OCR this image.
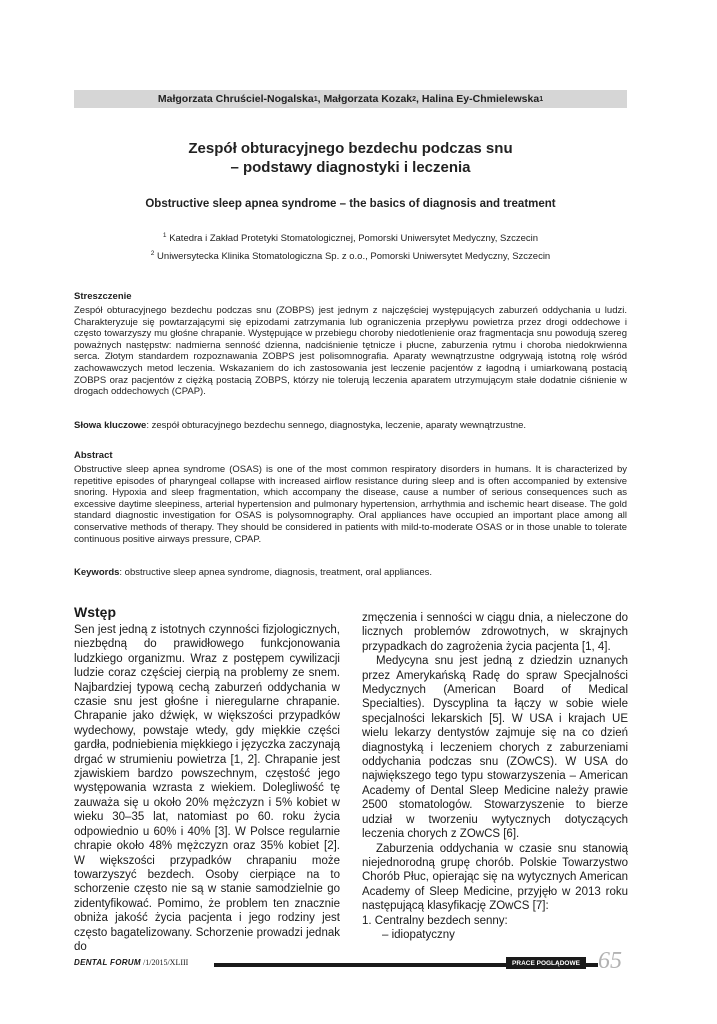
Małgorzata Chruściel-Nogalska 1 , Małgorzata Kozak 2 , Halina Ey-Chmielewska 1
Zespół obturacyjnego bezdechu podczas snu
– podstawy diagnostyki i leczenia
Obstructive sleep apnea syndrome – the basics of diagnosis and treatment
$^1$ Katedra i Zakład Protetyki Stomatologicznej, Pomorski Uniwersytet Medyczny, Szczecin
$^2$ Uniwersytecka Klinika Stomatologiczna Sp. z o.o., Pomorski Uniwersytet Medyczny, Szczecin
Streszczenie
Zespół obturacyjnego bezdechu podczas snu (ZOBPS) jest jednym z najczęściej występujących zaburzeń oddychania u ludzi. Charakteryzuje się powtarzającymi się epizodami zatrzymania lub ograniczenia przepływu powietrza przez drogi oddechowe i często towarzyszy mu głośne chrapanie. Występujące w przebiegu choroby niedotlenienie oraz fragmentacja snu powodują szereg poważnych następstw: nadmierna senność dzienna, nadciśnienie tętnicze i płucne, zaburzenia rytmu i choroba niedokrwienna serca. Złotym standardem rozpoznawania ZOBPS jest polisomnografia. Aparaty wewnątrzustne odgrywają istotną rolę wśród zachowawczych metod leczenia. Wskazaniem do ich zastosowania jest leczenie pacjentów z łagodną i umiarkowaną postacią ZOBPS oraz pacjentów z ciężką postacią ZOBPS, którzy nie tolerują leczenia aparatem utrzymującym stałe dodatnie ciśnienie w drogach oddechowych (CPAP).
Słowa kluczowe: zespół obturacyjnego bezdechu sennego, diagnostyka, leczenie, aparaty wewnątrzustne.
Abstract
Obstructive sleep apnea syndrome (OSAS) is one of the most common respiratory disorders in humans. It is characterized by repetitive episodes of pharyngeal collapse with increased airflow resistance during sleep and is often accompanied by extensive snoring. Hypoxia and sleep fragmentation, which accompany the disease, cause a number of serious consequences such as excessive daytime sleepiness, arterial hypertension and pulmonary hypertension, arrhythmia and ischemic heart disease. The gold standard diagnostic investigation for OSAS is polysomnography. Oral appliances have occupied an important place among all conservative methods of therapy. They should be considered in patients with mild-to-moderate OSAS or in those unable to tolerate continuous positive airways pressure, CPAP.
Keywords: obstructive sleep apnea syndrome, diagnosis, treatment, oral appliances.
Wstęp

Sen jest jedną z istotnych czynności fizjologicznych, niezbędną do prawidłowego funkcjonowania ludzkiego organizmu. Wraz z postępem cywilizacji ludzie coraz częściej cierpią na problemy ze snem. Najbardziej typową cechą zaburzeń oddychania w czasie snu jest głośne i nieregularne chrapanie. Chrapanie jako dźwięk, w większości przypadków wydechowy, powstaje wtedy, gdy miękkie części gardła, podniebienia miękkiego i języczka zaczynają drgać w strumieniu powietrza [1, 2]. Chrapanie jest zjawiskiem bardzo powszechnym, częstość jego występowania wzrasta z wiekiem. Dolegliwość tę zauważa się u około 20% mężczyzn i 5% kobiet w wieku 30–35 lat, natomiast po 60. roku życia odpowiednio u 60% i 40% [3]. W Polsce regularnie chrapie około 48% mężczyzn oraz 35% kobiet [2]. W większości przypadków chrapaniu może towarzyszyć bezdech. Osoby cierpiące na to schorzenie często nie są w stanie samodzielnie go zidentyfikować. Pomimo, że problem ten znacznie obniża jakość życia pacjenta i jego rodziny jest często bagatelizowany. Schorzenie prowadzi jednak do

zmęczenia i senności w ciągu dnia, a nieleczone do licznych problemów zdrowotnych, w skrajnych przypadkach do zagrożenia życia pacjenta [1, 4].

Medycyna snu jest jedną z dziedzin uznanych przez Amerykańską Radę do spraw Specjalności Medycznych (American Board of Medical Specialties). Dyscyplina ta łączy w sobie wiele specjalności lekarskich [5]. W USA i krajach UE wielu lekarzy dentystów zajmuje się na co dzień diagnostyką i leczeniem chorych z zaburzeniami oddychania podczas snu (ZOwCS). W USA do największego tego typu stowarzyszenia – American Academy of Dental Sleep Medicine należy prawie 2500 stomatologów. Stowarzyszenie to bierze udział w tworzeniu wytycznych dotyczących leczenia chorych z ZOwCS [6].

Zaburzenia oddychania w czasie snu stanowią niejednorodną grupę chorób. Polskie Towarzystwo Chorób Płuc, opierając się na wytycznych American Academy of Sleep Medicine, przyjęło w 2013 roku następującą klasyfikację ZOwCS [7]:

1. Centralny bezdech senny:

– idiopatyczny

DENTAL FORUM /1/2015/XLIII	PRACE POGLĄDOWE 65
